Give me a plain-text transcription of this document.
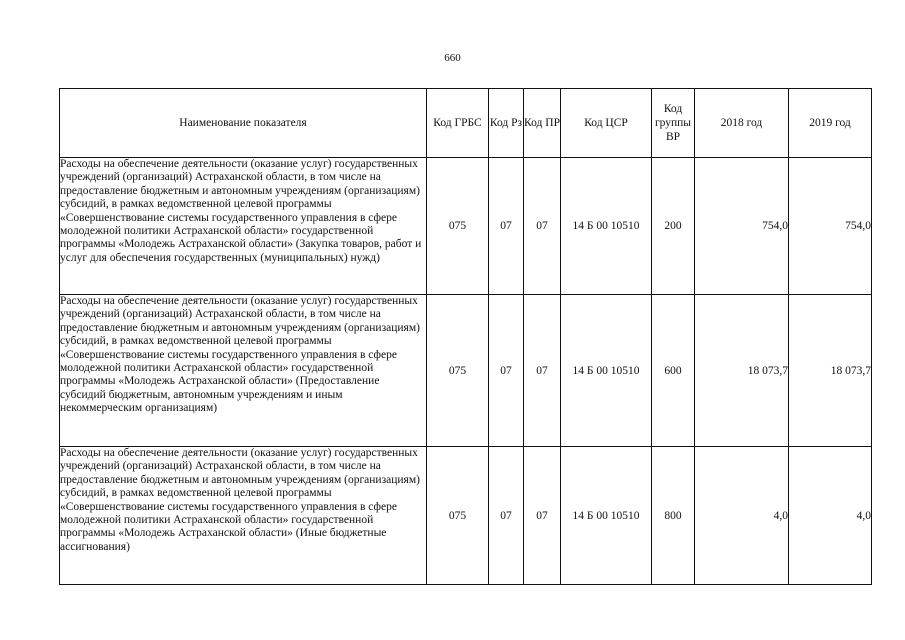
660
Наименование показателя	Код ГРБС	Код Рз	Код ПР	Код ЦСР	Код группы ВР	2018 год	2019 год
Расходы на обеспечение деятельности (оказание услуг) государственных учреждений (организаций) Астраханской области, в том числе на предоставление бюджетным и автономным учреждениям (организациям) субсидий, в рамках ведомственной целевой программы «Совершенствование системы государственного управления в сфере молодежной политики Астраханской области» государственной программы «Молодежь Астраханской области» (Закупка товаров, работ и услуг для обеспечения государственных (муниципальных) нужд)	075	07	07	14 Б 00 10510	200	754,0	754,0
Расходы на обеспечение деятельности (оказание услуг) государственных учреждений (организаций) Астраханской области, в том числе на предоставление бюджетным и автономным учреждениям (организациям) субсидий, в рамках ведомственной целевой программы «Совершенствование системы государственного управления в сфере молодежной политики Астраханской области» государственной программы «Молодежь Астраханской области» (Предоставление субсидий бюджетным, автономным учреждениям и иным некоммерческим организациям)	075	07	07	14 Б 00 10510	600	18 073,7	18 073,7
Расходы на обеспечение деятельности (оказание услуг) государственных учреждений (организаций) Астраханской области, в том числе на предоставление бюджетным и автономным учреждениям (организациям) субсидий, в рамках ведомственной целевой программы «Совершенствование системы государственного управления в сфере молодежной политики Астраханской области» государственной программы «Молодежь Астраханской области» (Иные бюджетные ассигнования)	075	07	07	14 Б 00 10510	800	4,0	4,0
